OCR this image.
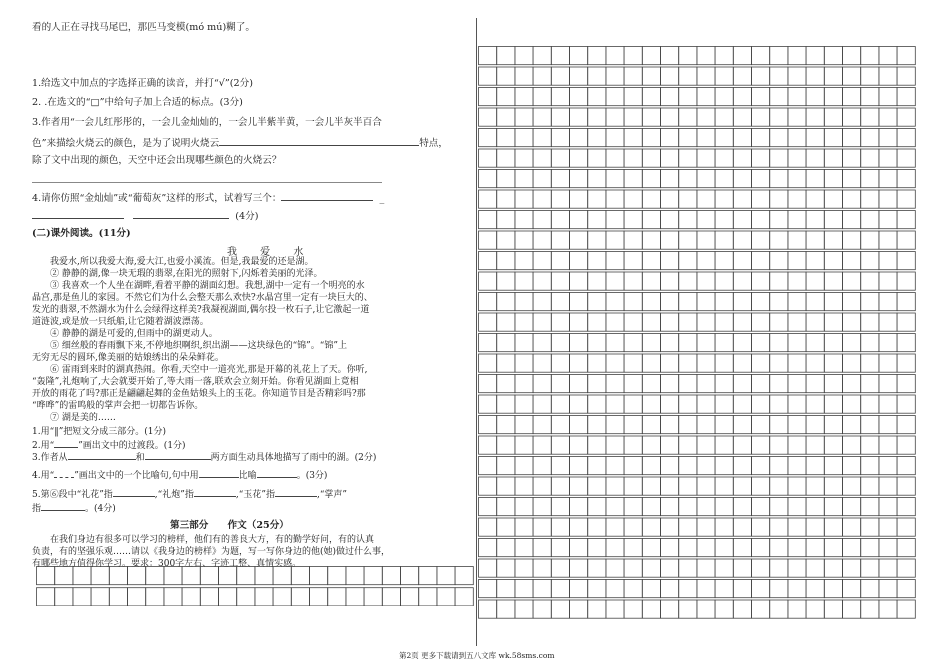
看的人正在寻找马尾巴，那匹马变模(mó mú)糊了。
1.给选文中加点的字选择正确的读音，并打“√”(2分)
2. .在选文的“□”中给句子加上合适的标点。(3分)
3.作者用“一会儿红彤彤的，一会儿金灿灿的，一会儿半紫半黄，一会儿半灰半百合
色”来描绘火烧云的颜色，是为了说明火烧云	特点，
除了文中出现的颜色，天空中还会出现哪些颜色的火烧云？
4.请你仿照“金灿灿”或“葡萄灰”这样的形式，试着写三个：	_
(4分)
(二)课外阅读。(11分)
我 爱 水
我爱水,所以我爱大海,爱大江,也爱小溪流。但是,我最爱的还是湖。
② 静静的湖,像一块无瑕的翡翠,在阳光的照射下,闪烁着美丽的光泽。
③ 我喜欢一个人坐在湖畔,看着平静的湖面幻想。我想,湖中一定有一个明亮的水
晶宫,那是鱼儿的家园。不然它们为什么会整天那么欢快?水晶宫里一定有一块巨大的、
发光的翡翠,不然湖水为什么会绿得这样美?我凝视湖面,偶尔投一枚石子,让它激起一道
道涟波,或是放一只纸船,让它随着湖波漂荡。
④ 静静的湖是可爱的,但雨中的湖更动人。
⑤ 细丝般的春雨飘下来,不停地织啊织,织出湖——这块绿色的“锦”。“锦”上
无穷无尽的圆环,像美丽的姑娘绣出的朵朵鲜花。
⑥ 雷雨到来时的湖真热闹。你看,天空中一道亮光,那是开幕的礼花上了天。你听,
“轰隆”,礼炮响了,大会就要开始了,等大雨一落,联欢会立刻开始。你看见湖面上竟相
开放的雨花了吗?那正是翩翩起舞的金鱼姑娘头上的玉花。你知道节目是否精彩吗?那
“哗哗”的雷鸣般的掌声会把一切都告诉你。
⑦ 湖是美的……
1.用“‖”把短文分成三部分。(1分)
2.用“	”画出文中的过渡段。(1分)
3.作者从	和	两方面生动具体地描写了雨中的湖。(2分)
4.用“ ”画出文中的一个比喻句,句中用	比喻	。(3分)
5.第⑥段中“礼花”指	,“礼炮”指	,“玉花”指	,“掌声”
指	。(4分)
第三部分　　作文（25分）
在我们身边有很多可以学习的榜样，他们有的善良大方，有的勤学好问，有的认真
负责，有的坚强乐观……请以《我身边的榜样》为题，写一写你身边的他(她)做过什么事，
有哪些地方值得你学习。要求：300字左右、字迹工整、真情实感。
第2页 更多下载请到五八文库 wk.58sms.com
